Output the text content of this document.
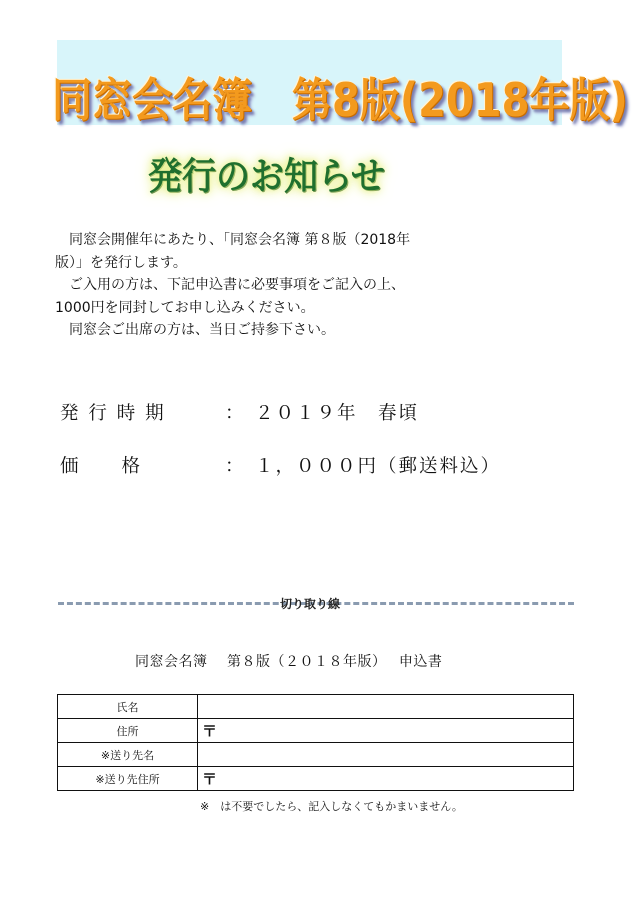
同窓会名簿　第8版(2018年版)
発行のお知らせ

　同窓会開催年にあたり、「同窓会名簿 第８版（2018年

版）」を発行します。

　ご入用の方は、下記申込書に必要事項をご記入の上、

1000円を同封してお申し込みください。

　同窓会ご出席の方は、当日ご持参下さい。

発 行 時 期	： ２０１９年　春頃
価　　格	： １，０００円（郵送料込）
切り取り線
同窓会名簿　 第８版（２０１８年版）　 申込書
氏名	
住所	〒
※送り先名	
※送り先住所	〒
※　は不要でしたら、記入しなくてもかまいません。
